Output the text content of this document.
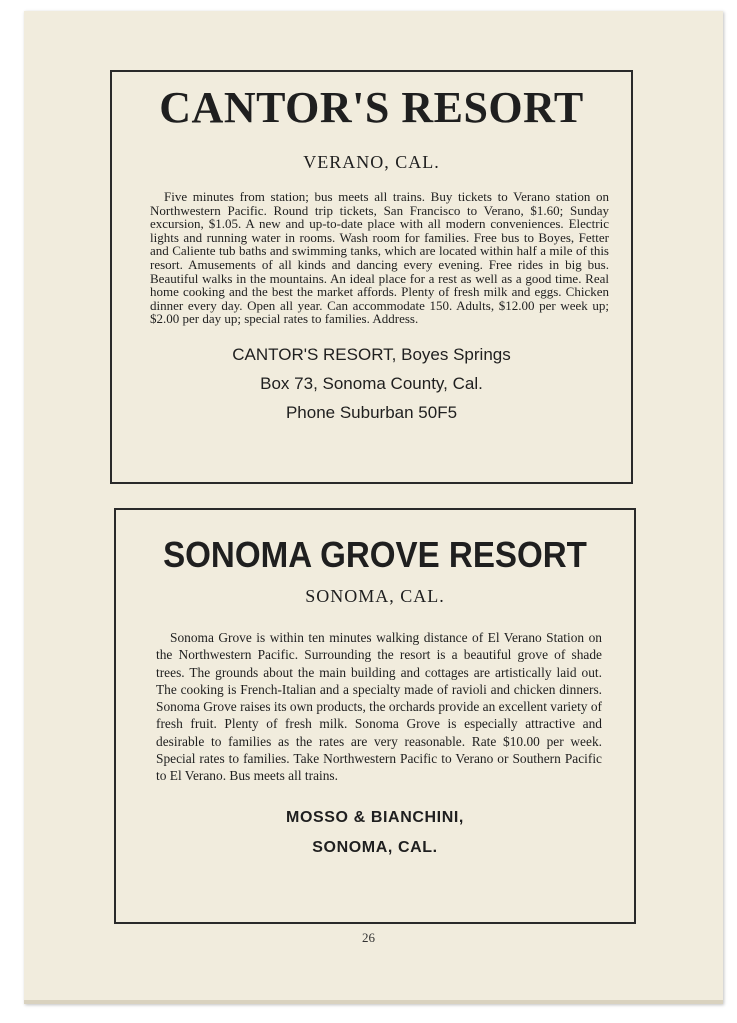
CANTOR'S RESORT
VERANO, CAL.

Five minutes from station; bus meets all trains. Buy tickets to Verano station on Northwestern Pacific. Round trip tickets, San Francisco to Verano, $1.60; Sunday excursion, $1.05. A new and up-to-date place with all modern conveniences. Electric lights and running water in rooms. Wash room for families. Free bus to Boyes, Fetter and Caliente tub baths and swimming tanks, which are located within half a mile of this resort. Amusements of all kinds and dancing every evening. Free rides in big bus. Beautiful walks in the mountains. An ideal place for a rest as well as a good time. Real home cooking and the best the market affords. Plenty of fresh milk and eggs. Chicken dinner every day. Open all year. Can accommodate 150. Adults, $12.00 per week up; $2.00 per day up; special rates to families. Address.

CANTOR'S RESORT, Boyes Springs
Box 73, Sonoma County, Cal.
Phone Suburban 50F5
SONOMA GROVE RESORT
SONOMA, CAL.

Sonoma Grove is within ten minutes walking distance of El Verano Station on the Northwestern Pacific. Surrounding the resort is a beautiful grove of shade trees. The grounds about the main building and cottages are artistically laid out. The cooking is French-Italian and a specialty made of ravioli and chicken dinners. Sonoma Grove raises its own products, the orchards provide an excellent variety of fresh fruit. Plenty of fresh milk. Sonoma Grove is especially attractive and desirable to families as the rates are very reasonable. Rate $10.00 per week. Special rates to families. Take Northwestern Pacific to Verano or Southern Pacific to El Verano. Bus meets all trains.

MOSSO & BIANCHINI,
SONOMA, CAL.
26
